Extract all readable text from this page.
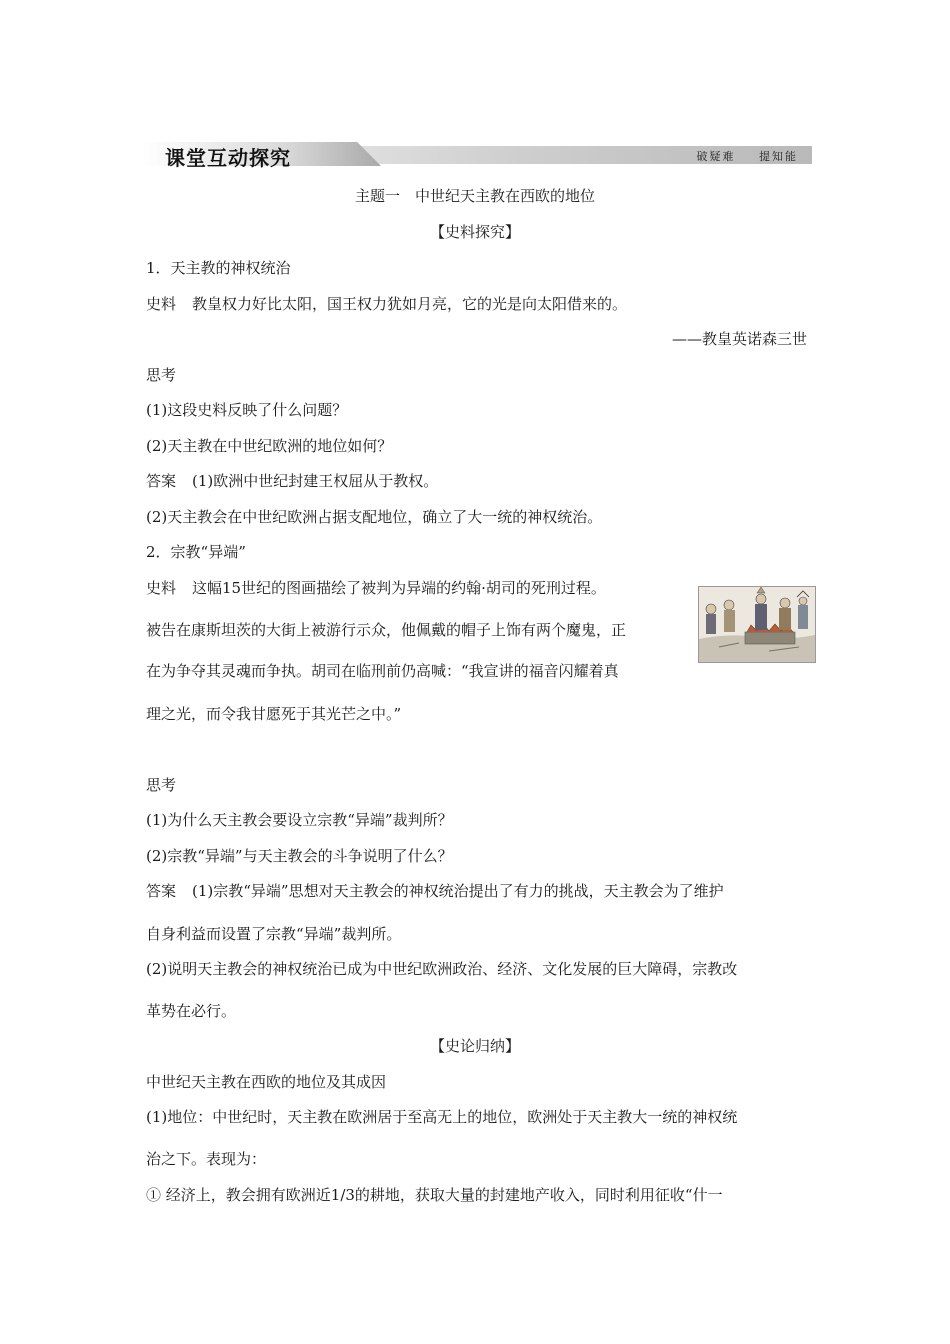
课堂互动探究	破疑难 提知能
主题一　中世纪天主教在西欧的地位
【史料探究】
1．天主教的神权统治
史料 教皇权力好比太阳，国王权力犹如月亮，它的光是向太阳借来的。
——教皇英诺森三世
思考
(1)这段史料反映了什么问题？
(2)天主教在中世纪欧洲的地位如何？
答案 (1)欧洲中世纪封建王权屈从于教权。
(2)天主教会在中世纪欧洲占据支配地位，确立了大一统的神权统治。
2．宗教“异端”
史料 这幅15世纪的图画描绘了被判为异端的约翰·胡司的死刑过程。
被告在康斯坦茨的大街上被游行示众，他佩戴的帽子上饰有两个魔鬼，正
在为争夺其灵魂而争执。胡司在临刑前仍高喊：“我宣讲的福音闪耀着真
理之光，而令我甘愿死于其光芒之中。”
思考
(1)为什么天主教会要设立宗教“异端”裁判所？
(2)宗教“异端”与天主教会的斗争说明了什么？
答案 (1)宗教“异端”思想对天主教会的神权统治提出了有力的挑战，天主教会为了维护
自身利益而设置了宗教“异端”裁判所。
(2)说明天主教会的神权统治已成为中世纪欧洲政治、经济、文化发展的巨大障碍，宗教改
革势在必行。
【史论归纳】
中世纪天主教在西欧的地位及其成因
(1)地位：中世纪时，天主教在欧洲居于至高无上的地位，欧洲处于天主教大一统的神权统
治之下。表现为：
① 经济上，教会拥有欧洲近1/3的耕地，获取大量的封建地产收入，同时利用征收“什一
